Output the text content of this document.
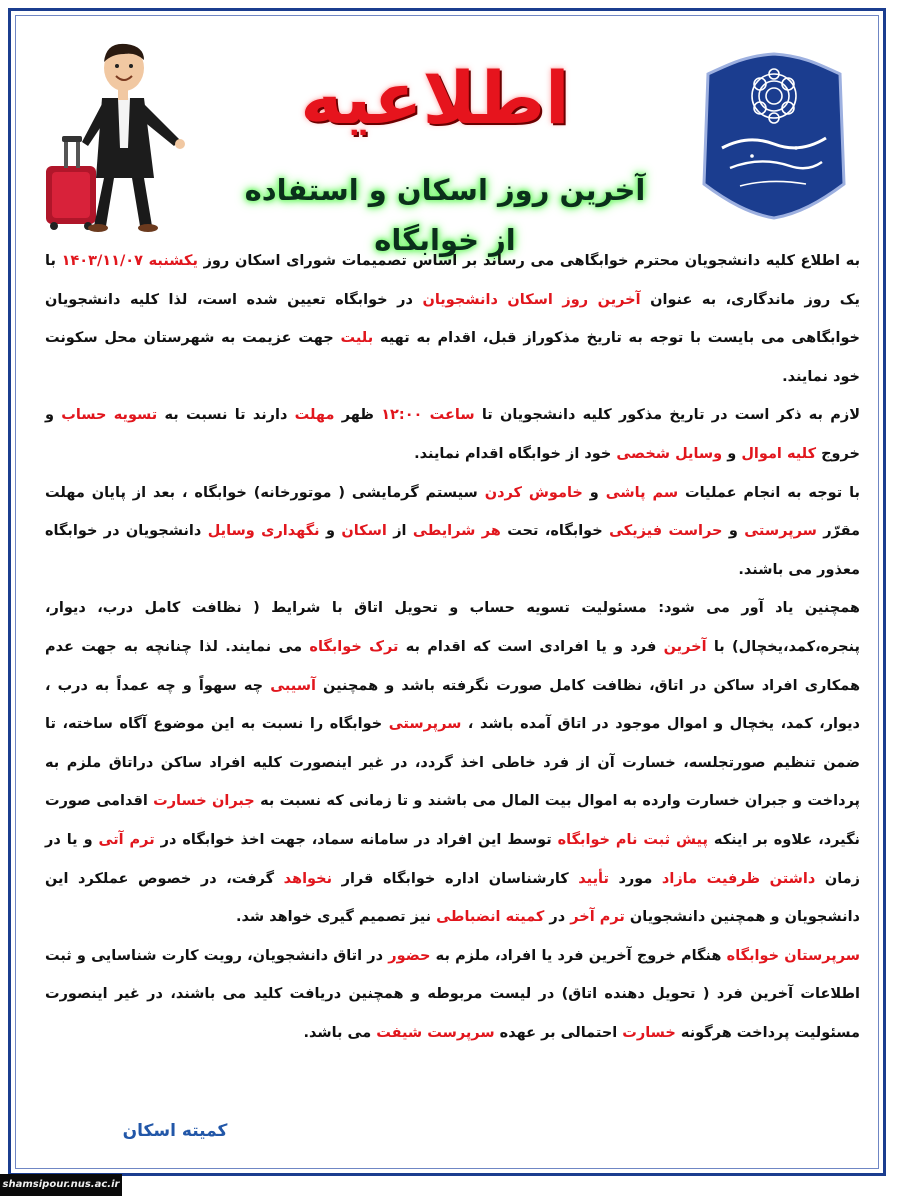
اطلاعیه
آخرین روز اسکان و استفاده از خوابگاه

به اطلاع کلیه دانشجویان محترم خوابگاهی می رساند بر اساس تصمیمات شورای اسکان روز یکشنبه ۱۴۰۳/۱۱/۰۷ با یک روز ماندگاری، به عنوان آخرین روز اسکان دانشجویان در خوابگاه تعیین شده است، لذا کلیه دانشجویان خوابگاهی می بایست با توجه به تاریخ مذکوراز قبل، اقدام به تهیه بلیت جهت عزیمت به شهرستان محل سکونت خود نمایند.

لازم به ذکر است در تاریخ مذکور کلیه دانشجویان تا ساعت ۱۲:۰۰ ظهر مهلت دارند تا نسبت به تسویه حساب و خروج کلیه اموال و وسایل شخصی خود از خوابگاه اقدام نمایند.

با توجه به انجام عملیات سم پاشی و خاموش کردن سیستم گرمایشی ( موتورخانه) خوابگاه ، بعد از پایان مهلت مقرّر سرپرستی و حراست فیزیکی خوابگاه، تحت هر شرایطی از اسکان و نگهداری وسایل دانشجویان در خوابگاه معذور می باشند.

همچنین یاد آور می شود: مسئولیت تسویه حساب و تحویل اتاق با شرایط ( نظافت کامل درب، دیوار، پنجره،کمد،یخچال) با آخرین فرد و یا افرادی است که اقدام به ترک خوابگاه می نمایند. لذا چنانچه به جهت عدم همکاری افراد ساکن در اتاق، نظافت کامل صورت نگرفته باشد و همچنین آسیبی چه سهواً و چه عمداً به درب ، دیوار، کمد، یخچال و اموال موجود در اتاق آمده باشد ، سرپرستی خوابگاه را نسبت به این موضوع آگاه ساخته، تا ضمن تنظیم صورتجلسه، خسارت آن از فرد خاطی اخذ گردد، در غیر اینصورت کلیه افراد ساکن دراتاق ملزم به پرداخت و جبران خسارت وارده به اموال بیت المال می باشند و تا زمانی که نسبت به جبران خسارت اقدامی صورت نگیرد، علاوه بر اینکه پیش ثبت نام خوابگاه توسط این افراد در سامانه سماد، جهت اخذ خوابگاه در ترم آتی و یا در زمان داشتن ظرفیت مازاد مورد تأیید کارشناسان اداره خوابگاه قرار نخواهد گرفت، در خصوص عملکرد این دانشجویان و همچنین دانشجویان ترم آخر در کمیته انضباطی نیز تصمیم گیری خواهد شد.

سرپرستان خوابگاه هنگام خروج آخرین فرد یا افراد، ملزم به حضور در اتاق دانشجویان، رویت کارت شناسایی و ثبت اطلاعات آخرین فرد ( تحویل دهنده اتاق) در لیست مربوطه و همچنین دریافت کلید می باشند، در غیر اینصورت مسئولیت پرداخت هرگونه خسارت احتمالی بر عهده سرپرست شیفت می باشد.

کمیته اسکان
shamsipour.nus.ac.ir
